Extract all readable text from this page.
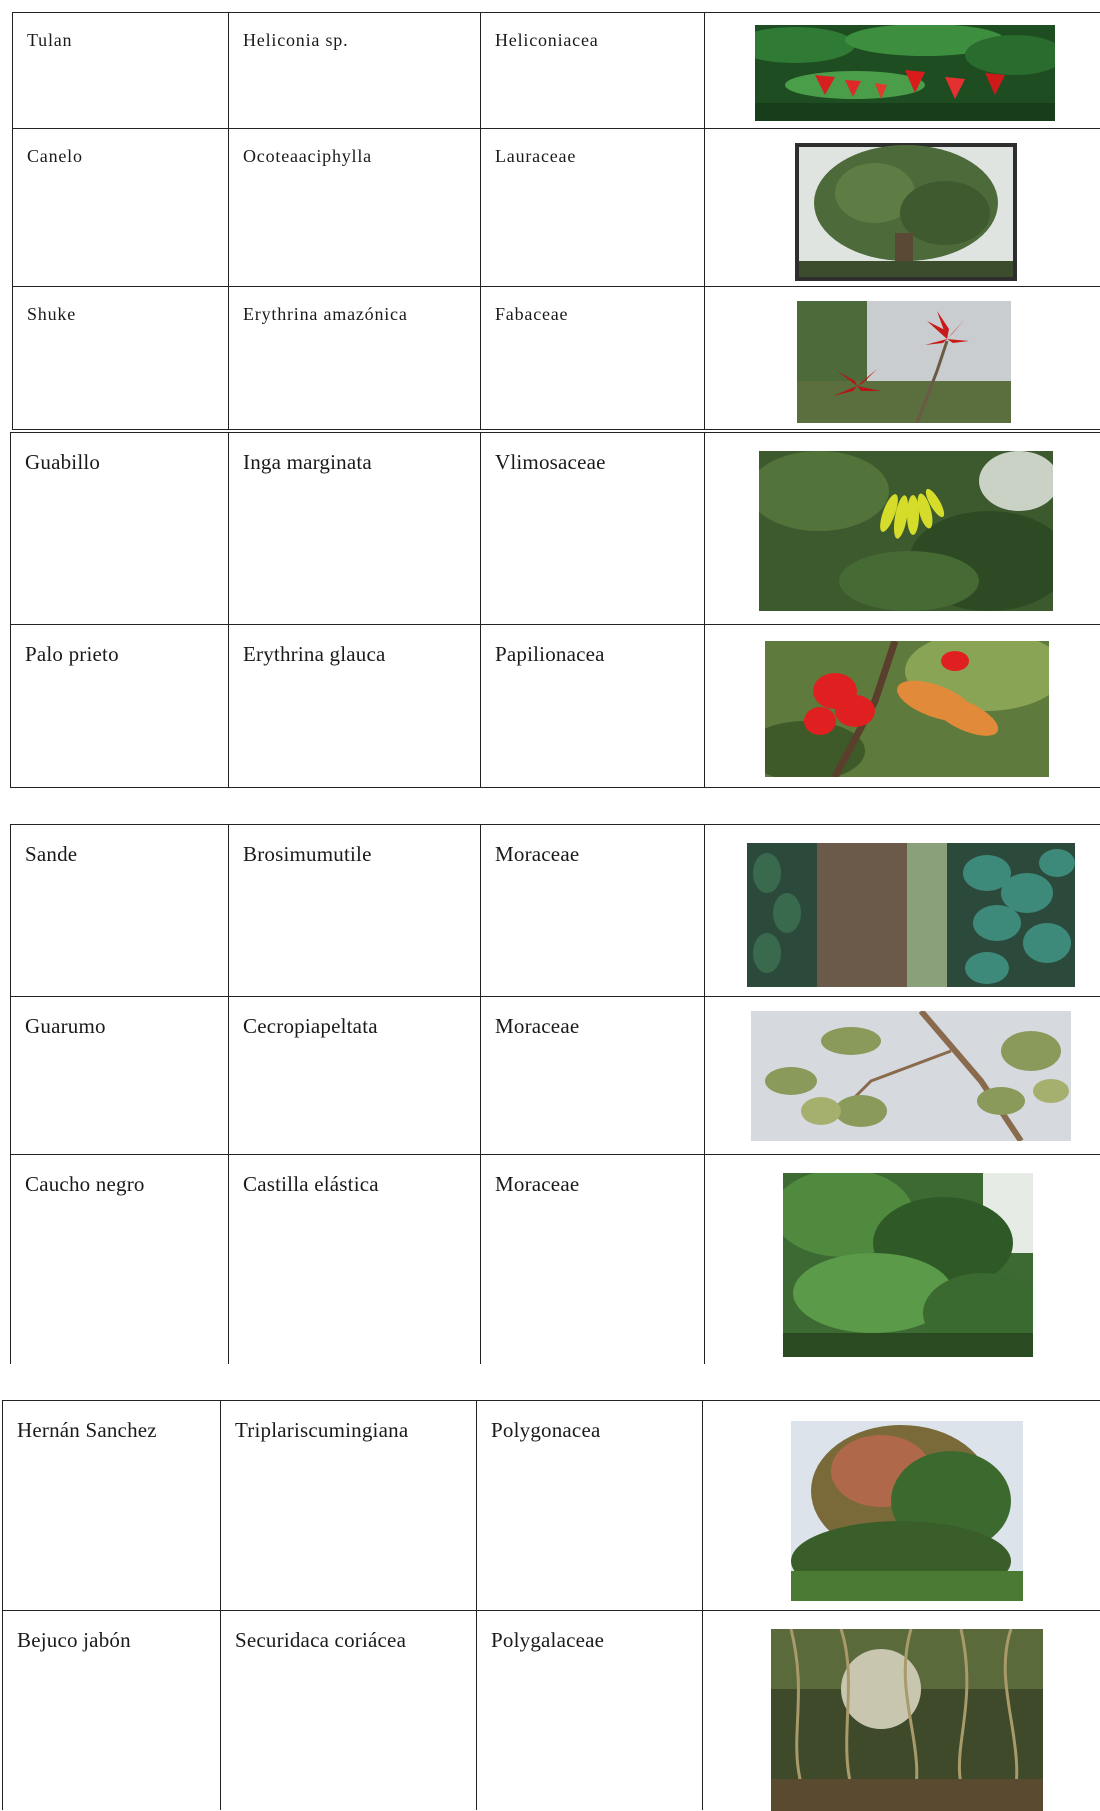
Tulan	Heliconia sp.	Heliconiacea
Canelo	Ocoteaaciphylla	Lauraceae
Shuke	Erythrina amazónica	Fabaceae
Guabillo	Inga marginata	Vlimosaceae
Palo prieto	Erythrina glauca	Papilionacea
Sande	Brosimumutile	Moraceae
Guarumo	Cecropiapeltata	Moraceae
Caucho negro	Castilla elástica	Moraceae
Hernán Sanchez	Triplariscumingiana	Polygonacea
Bejuco jabón	Securidaca coriácea	Polygalaceae
